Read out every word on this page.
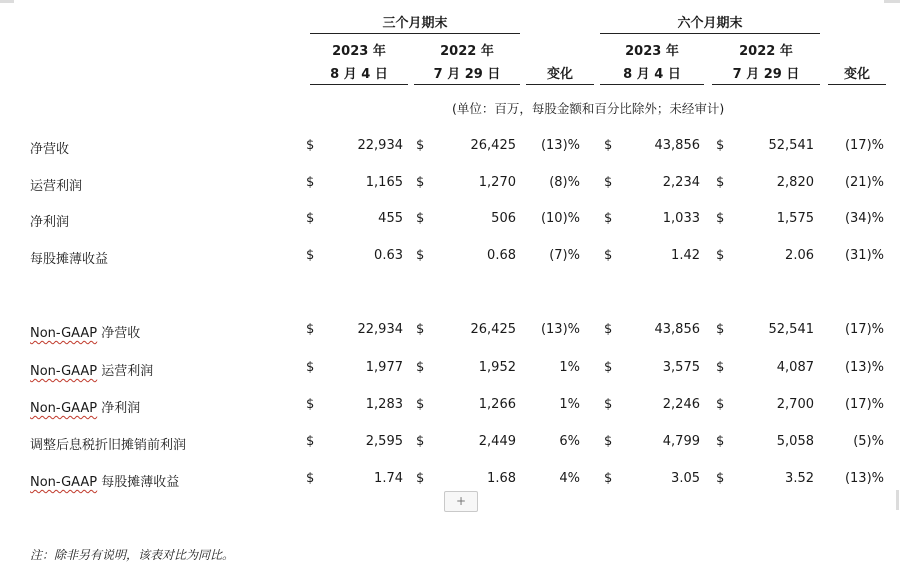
三个月期末	六个月期末
2023 年	2022 年	2023 年	2022 年
8 月 4 日	7 月 29 日	变化	8 月 4 日	7 月 29 日	变化
(单位：百万，每股金额和百分比除外；未经审计)
净营收	$	22,934 $	26,425	(13)% $	43,856 $	52,541	(17)%
运营利润	$	1,165 $	1,270	(8)% $	2,234 $	2,820	(21)%
净利润	$	455 $	506	(10)% $	1,033 $	1,575	(34)%
每股摊薄收益	$	0.63 $	0.68	(7)% $	1.42 $	2.06	(31)%
Non-GAAP 净营收	$	22,934 $	26,425	(13)% $	43,856 $	52,541	(17)%
Non-GAAP 运营利润	$	1,977 $	1,952	1% $	3,575 $	4,087	(13)%
Non-GAAP 净利润	$	1,283 $	1,266	1% $	2,246 $	2,700	(17)%
调整后息税折旧摊销前利润	$	2,595 $	2,449	6% $	4,799 $	5,058	(5)%
Non-GAAP 每股摊薄收益	$	1.74 $	1.68	4% $	3.05 $	3.52	(13)%
+
注：除非另有说明，该表对比为同比。
